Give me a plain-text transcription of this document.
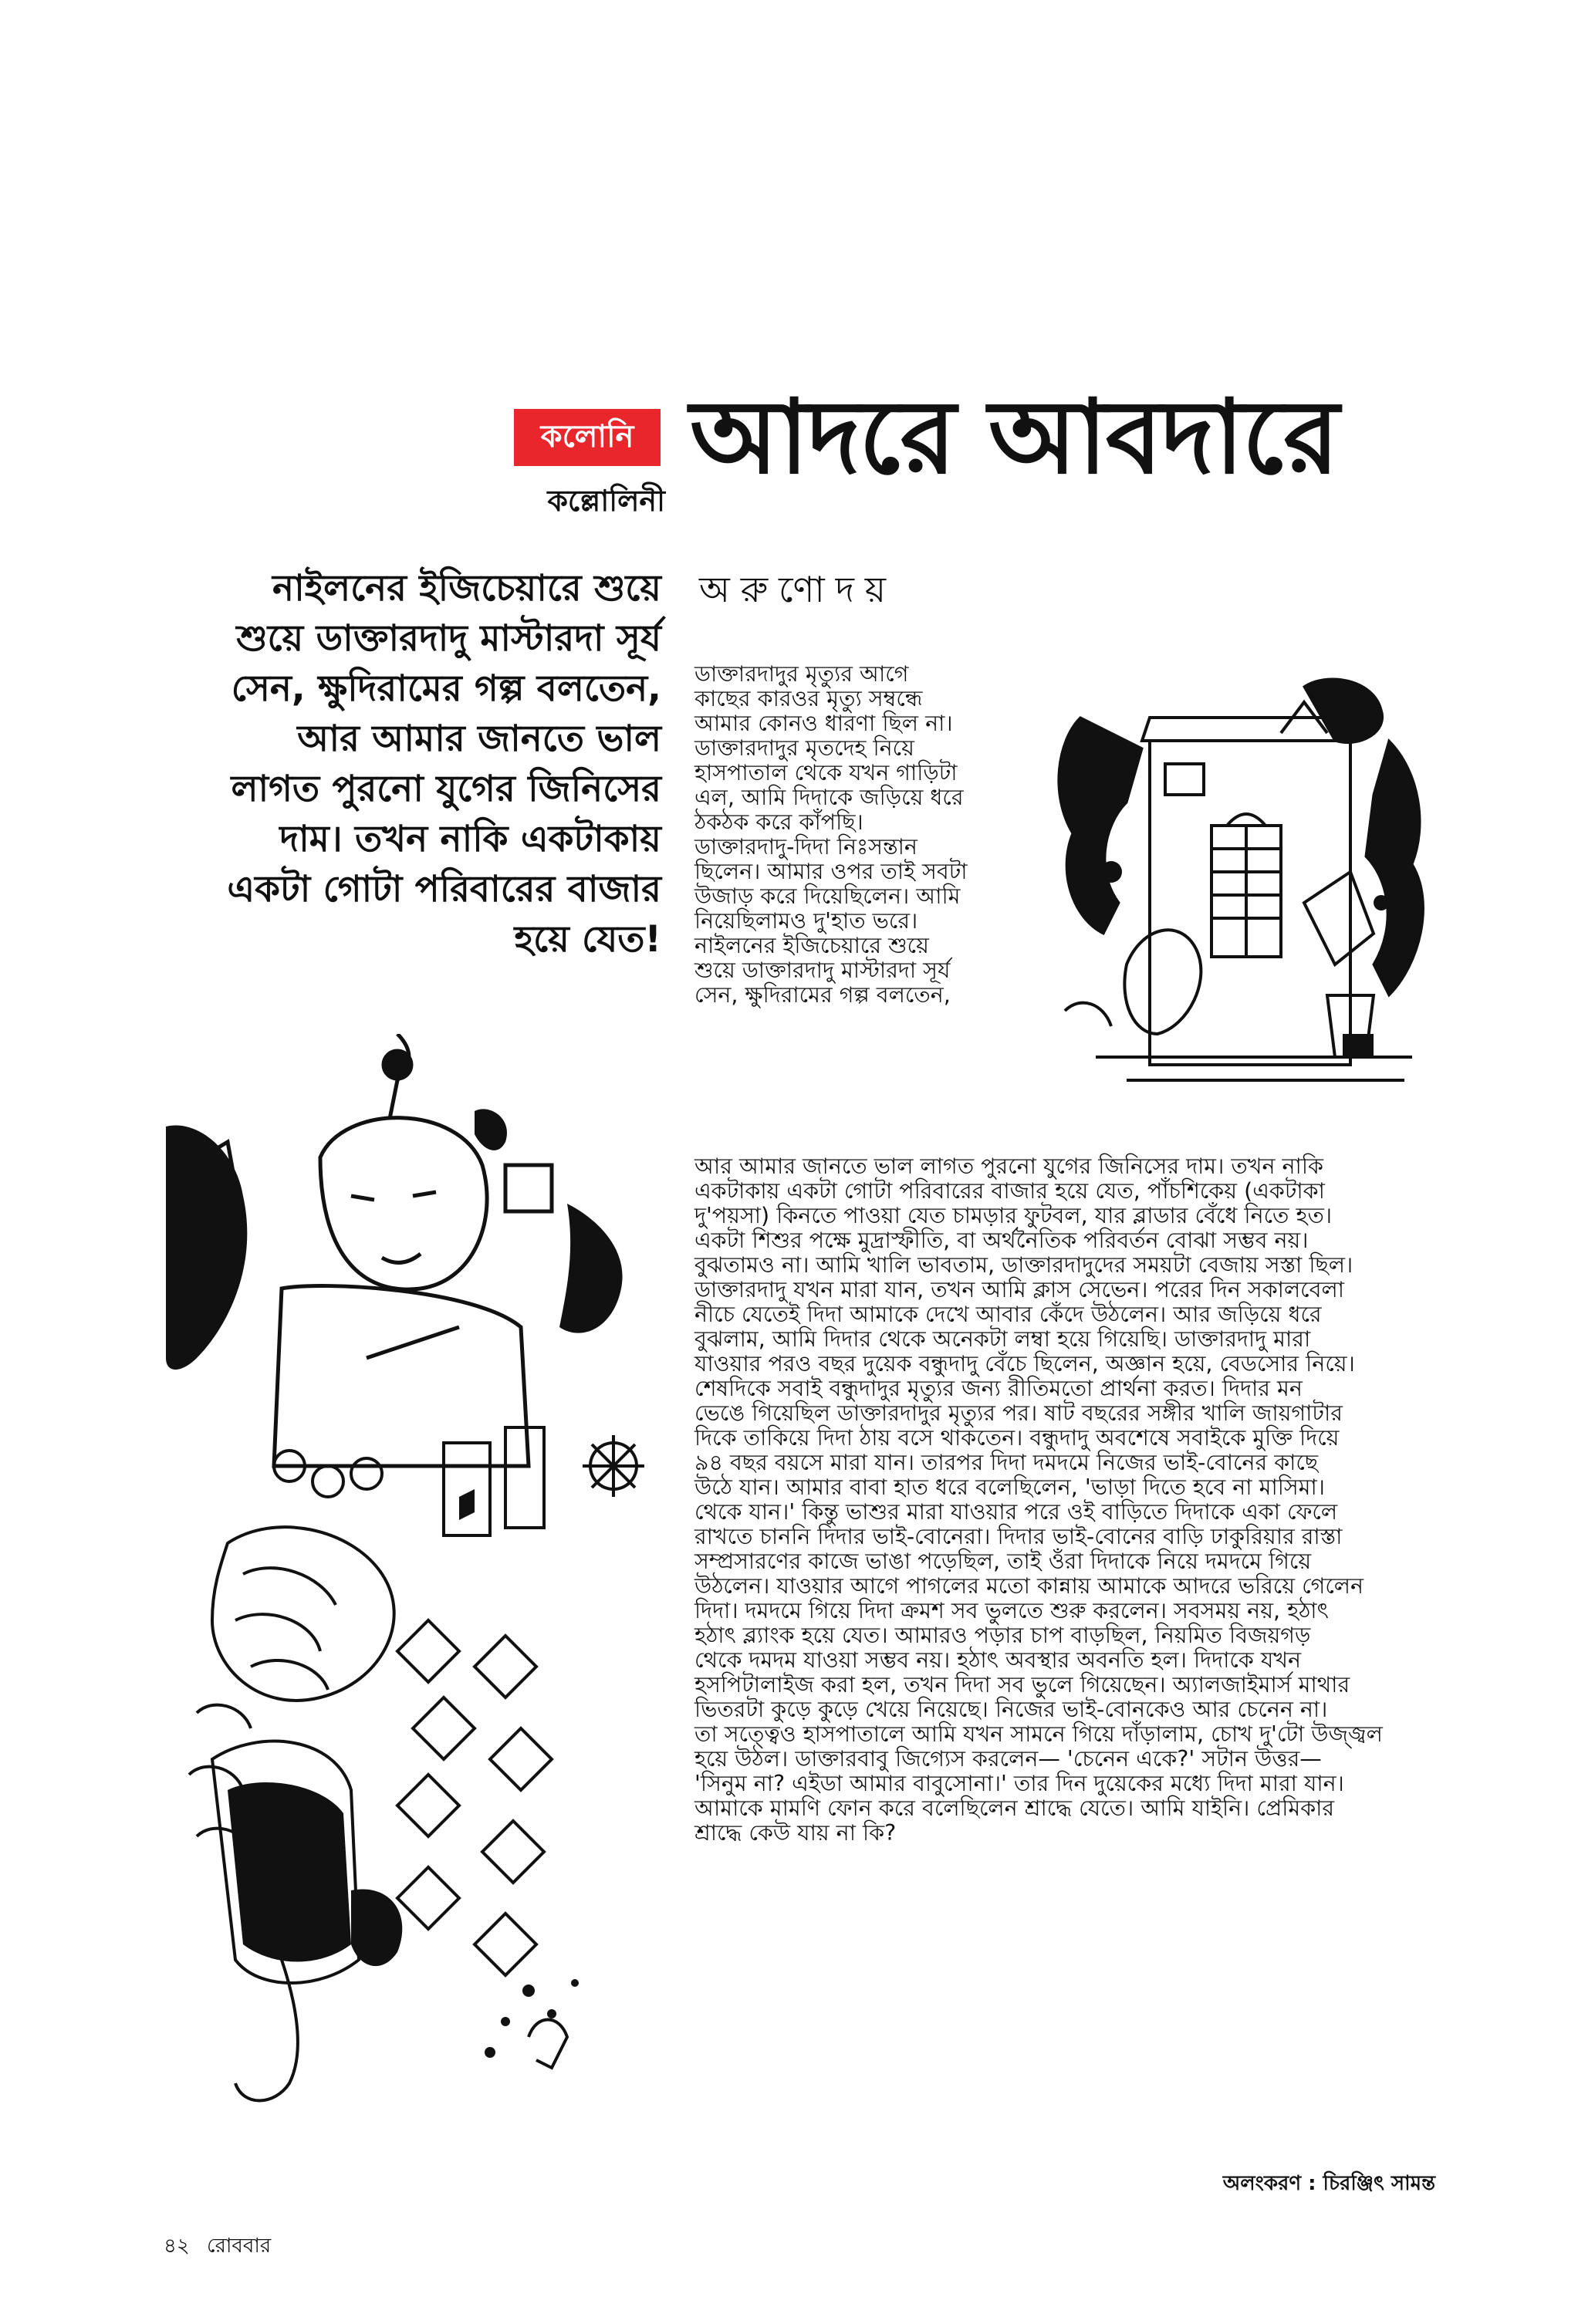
কলোনি
কল্লোলিনী
আদরে আবদারে
নাইলনের ইজিচেয়ারে শুয়ে
শুয়ে ডাক্তারদাদু মাস্টারদা সূর্য
সেন, ক্ষুদিরামের গল্প বলতেন,
আর আমার জানতে ভাল
লাগত পুরনো যুগের জিনিসের
দাম। তখন নাকি একটাকায়
একটা গোটা পরিবারের বাজার
হয়ে যেত!
অরুণোদয়
ডাক্তারদাদুর মৃত্যুর আগে
কাছের কারওর মৃত্যু সম্বন্ধে
আমার কোনও ধারণা ছিল না।
ডাক্তারদাদুর মৃতদেহ নিয়ে
হাসপাতাল থেকে যখন গাড়িটা
এল, আমি দিদাকে জড়িয়ে ধরে
ঠকঠক করে কাঁপছি।
ডাক্তারদাদু-দিদা নিঃসন্তান
ছিলেন। আমার ওপর তাই সবটা
উজাড় করে দিয়েছিলেন। আমি
নিয়েছিলামও দু'হাত ভরে।
নাইলনের ইজিচেয়ারে শুয়ে
শুয়ে ডাক্তারদাদু মাস্টারদা সূর্য
সেন, ক্ষুদিরামের গল্প বলতেন,
আর আমার জানতে ভাল লাগত পুরনো যুগের জিনিসের দাম। তখন নাকি
একটাকায় একটা গোটা পরিবারের বাজার হয়ে যেত, পাঁচশিকেয় (একটাকা
দু'পয়সা) কিনতে পাওয়া যেত চামড়ার ফুটবল, যার ব্লাডার বেঁধে নিতে হত।
একটা শিশুর পক্ষে মুদ্রাস্ফীতি, বা অর্থনৈতিক পরিবর্তন বোঝা সম্ভব নয়।
বুঝতামও না। আমি খালি ভাবতাম, ডাক্তারদাদুদের সময়টা বেজায় সস্তা ছিল।
ডাক্তারদাদু যখন মারা যান, তখন আমি ক্লাস সেভেন। পরের দিন সকালবেলা
নীচে যেতেই দিদা আমাকে দেখে আবার কেঁদে উঠলেন। আর জড়িয়ে ধরে
বুঝলাম, আমি দিদার থেকে অনেকটা লম্বা হয়ে গিয়েছি। ডাক্তারদাদু মারা
যাওয়ার পরও বছর দুয়েক বন্ধুদাদু বেঁচে ছিলেন, অজ্ঞান হয়ে, বেডসোর নিয়ে।
শেষদিকে সবাই বন্ধুদাদুর মৃত্যুর জন্য রীতিমতো প্রার্থনা করত। দিদার মন
ভেঙে গিয়েছিল ডাক্তারদাদুর মৃত্যুর পর। ষাট বছরের সঙ্গীর খালি জায়গাটার
দিকে তাকিয়ে দিদা ঠায় বসে থাকতেন। বন্ধুদাদু অবশেষে সবাইকে মুক্তি দিয়ে
৯৪ বছর বয়সে মারা যান। তারপর দিদা দমদমে নিজের ভাই-বোনের কাছে
উঠে যান। আমার বাবা হাত ধরে বলেছিলেন, 'ভাড়া দিতে হবে না মাসিমা।
থেকে যান।' কিন্তু ভাশুর মারা যাওয়ার পরে ওই বাড়িতে দিদাকে একা ফেলে
রাখতে চাননি দিদার ভাই-বোনেরা। দিদার ভাই-বোনের বাড়ি ঢাকুরিয়ার রাস্তা
সম্প্রসারণের কাজে ভাঙা পড়েছিল, তাই ওঁরা দিদাকে নিয়ে দমদমে গিয়ে
উঠলেন। যাওয়ার আগে পাগলের মতো কান্নায় আমাকে আদরে ভরিয়ে গেলেন
দিদা। দমদমে গিয়ে দিদা ক্রমশ সব ভুলতে শুরু করলেন। সবসময় নয়, হঠাৎ
হঠাৎ ব্ল্যাংক হয়ে যেত। আমারও পড়ার চাপ বাড়ছিল, নিয়মিত বিজয়গড়
থেকে দমদম যাওয়া সম্ভব নয়। হঠাৎ অবস্থার অবনতি হল। দিদাকে যখন
হসপিটালাইজ করা হল, তখন দিদা সব ভুলে গিয়েছেন। অ্যালজাইমার্স মাথার
ভিতরটা কুড়ে কুড়ে খেয়ে নিয়েছে। নিজের ভাই-বোনকেও আর চেনেন না।
তা সত্ত্বেও হাসপাতালে আমি যখন সামনে গিয়ে দাঁড়ালাম, চোখ দু'টো উজ্জ্বল
হয়ে উঠল। ডাক্তারবাবু জিগ্যেস করলেন— 'চেনেন একে?' সটান উত্তর—
'সিনুম না? এইডা আমার বাবুসোনা।' তার দিন দুয়েকের মধ্যে দিদা মারা যান।
আমাকে মামণি ফোন করে বলেছিলেন শ্রাদ্ধে যেতে। আমি যাইনি। প্রেমিকার
শ্রাদ্ধে কেউ যায় না কি?
অলংকরণ : চিরঞ্জিৎ সামন্ত
৪২ রোববার
